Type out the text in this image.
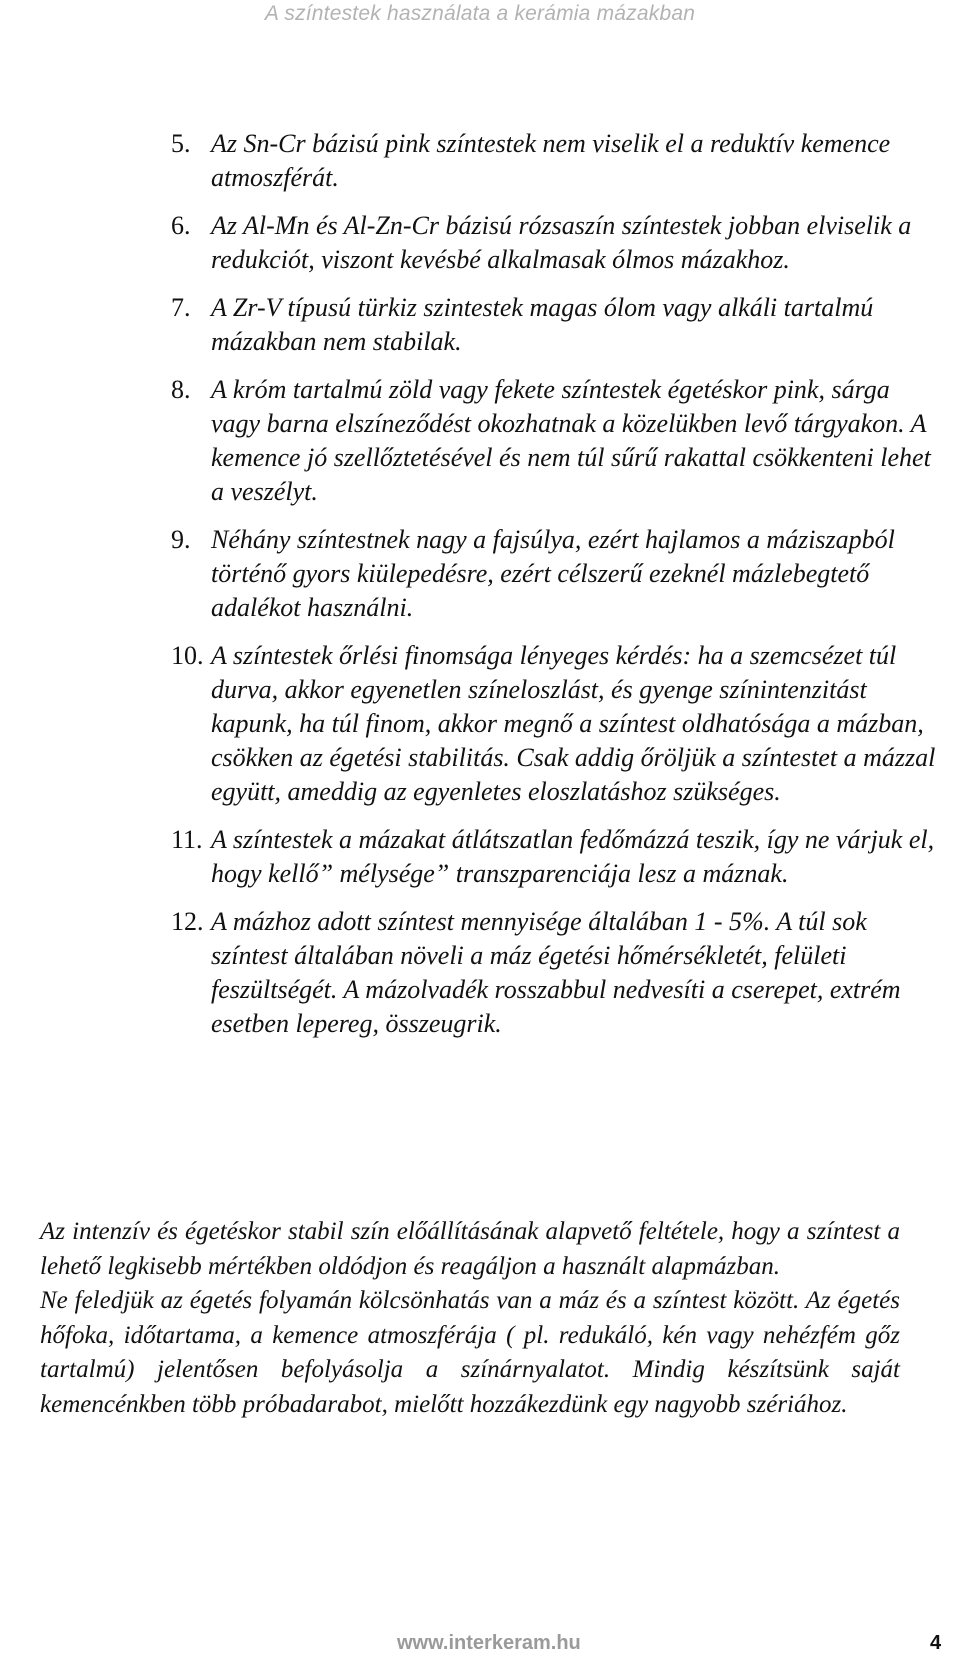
A színtestek használata a kerámia mázakban
5. Az Sn-Cr bázisú pink színtestek nem viselik el a reduktív kemence atmoszférát.
6. Az Al-Mn és Al-Zn-Cr bázisú rózsaszín színtestek jobban elviselik a redukciót, viszont kevésbé alkalmasak ólmos mázakhoz.
7. A Zr-V típusú türkiz szintestek magas ólom vagy alkáli tartalmú mázakban nem stabilak.
8. A króm tartalmú zöld vagy fekete színtestek égetéskor pink, sárga vagy barna elszíneződést okozhatnak a közelükben levő tárgyakon. A kemence jó szellőztetésével és nem túl sűrű rakattal csökkenteni lehet a veszélyt.
9. Néhány színtestnek nagy a fajsúlya, ezért hajlamos a máziszapból történő gyors kiülepedésre, ezért célszerű ezeknél mázlebegtető adalékot használni.
10. A színtestek őrlési finomsága lényeges kérdés: ha a szemcsézet túl durva, akkor egyenetlen színeloszlást, és gyenge színintenzitást kapunk, ha túl finom, akkor megnő a színtest oldhatósága a mázban, csökken az égetési stabilitás. Csak addig őröljük a színtestet a mázzal együtt, ameddig az egyenletes eloszlatáshoz szükséges.
11. A színtestek a mázakat átlátszatlan fedőmázzá teszik, így ne várjuk el, hogy kellő” mélysége” transzparenciája lesz a máznak.
12. A mázhoz adott színtest mennyisége általában 1 - 5%. A túl sok színtest általában növeli a máz égetési hőmérsékletét, felületi feszültségét. A mázolvadék rosszabbul nedvesíti a cserepet, extrém esetben lepereg, összeugrik.

Az intenzív és égetéskor stabil szín előállításának alapvető feltétele, hogy a színtest a lehető legkisebb mértékben oldódjon és reagáljon a használt alapmázban.

Ne feledjük az égetés folyamán kölcsönhatás van a máz és a színtest között. Az égetés hőfoka, időtartama, a kemence atmoszférája ( pl. redukáló, kén vagy nehézfém gőz tartalmú) jelentősen befolyásolja a színárnyalatot. Mindig készítsünk saját kemencénkben több próbadarabot, mielőtt hozzákezdünk egy nagyobb szériához.

www.interkeram.hu	4
